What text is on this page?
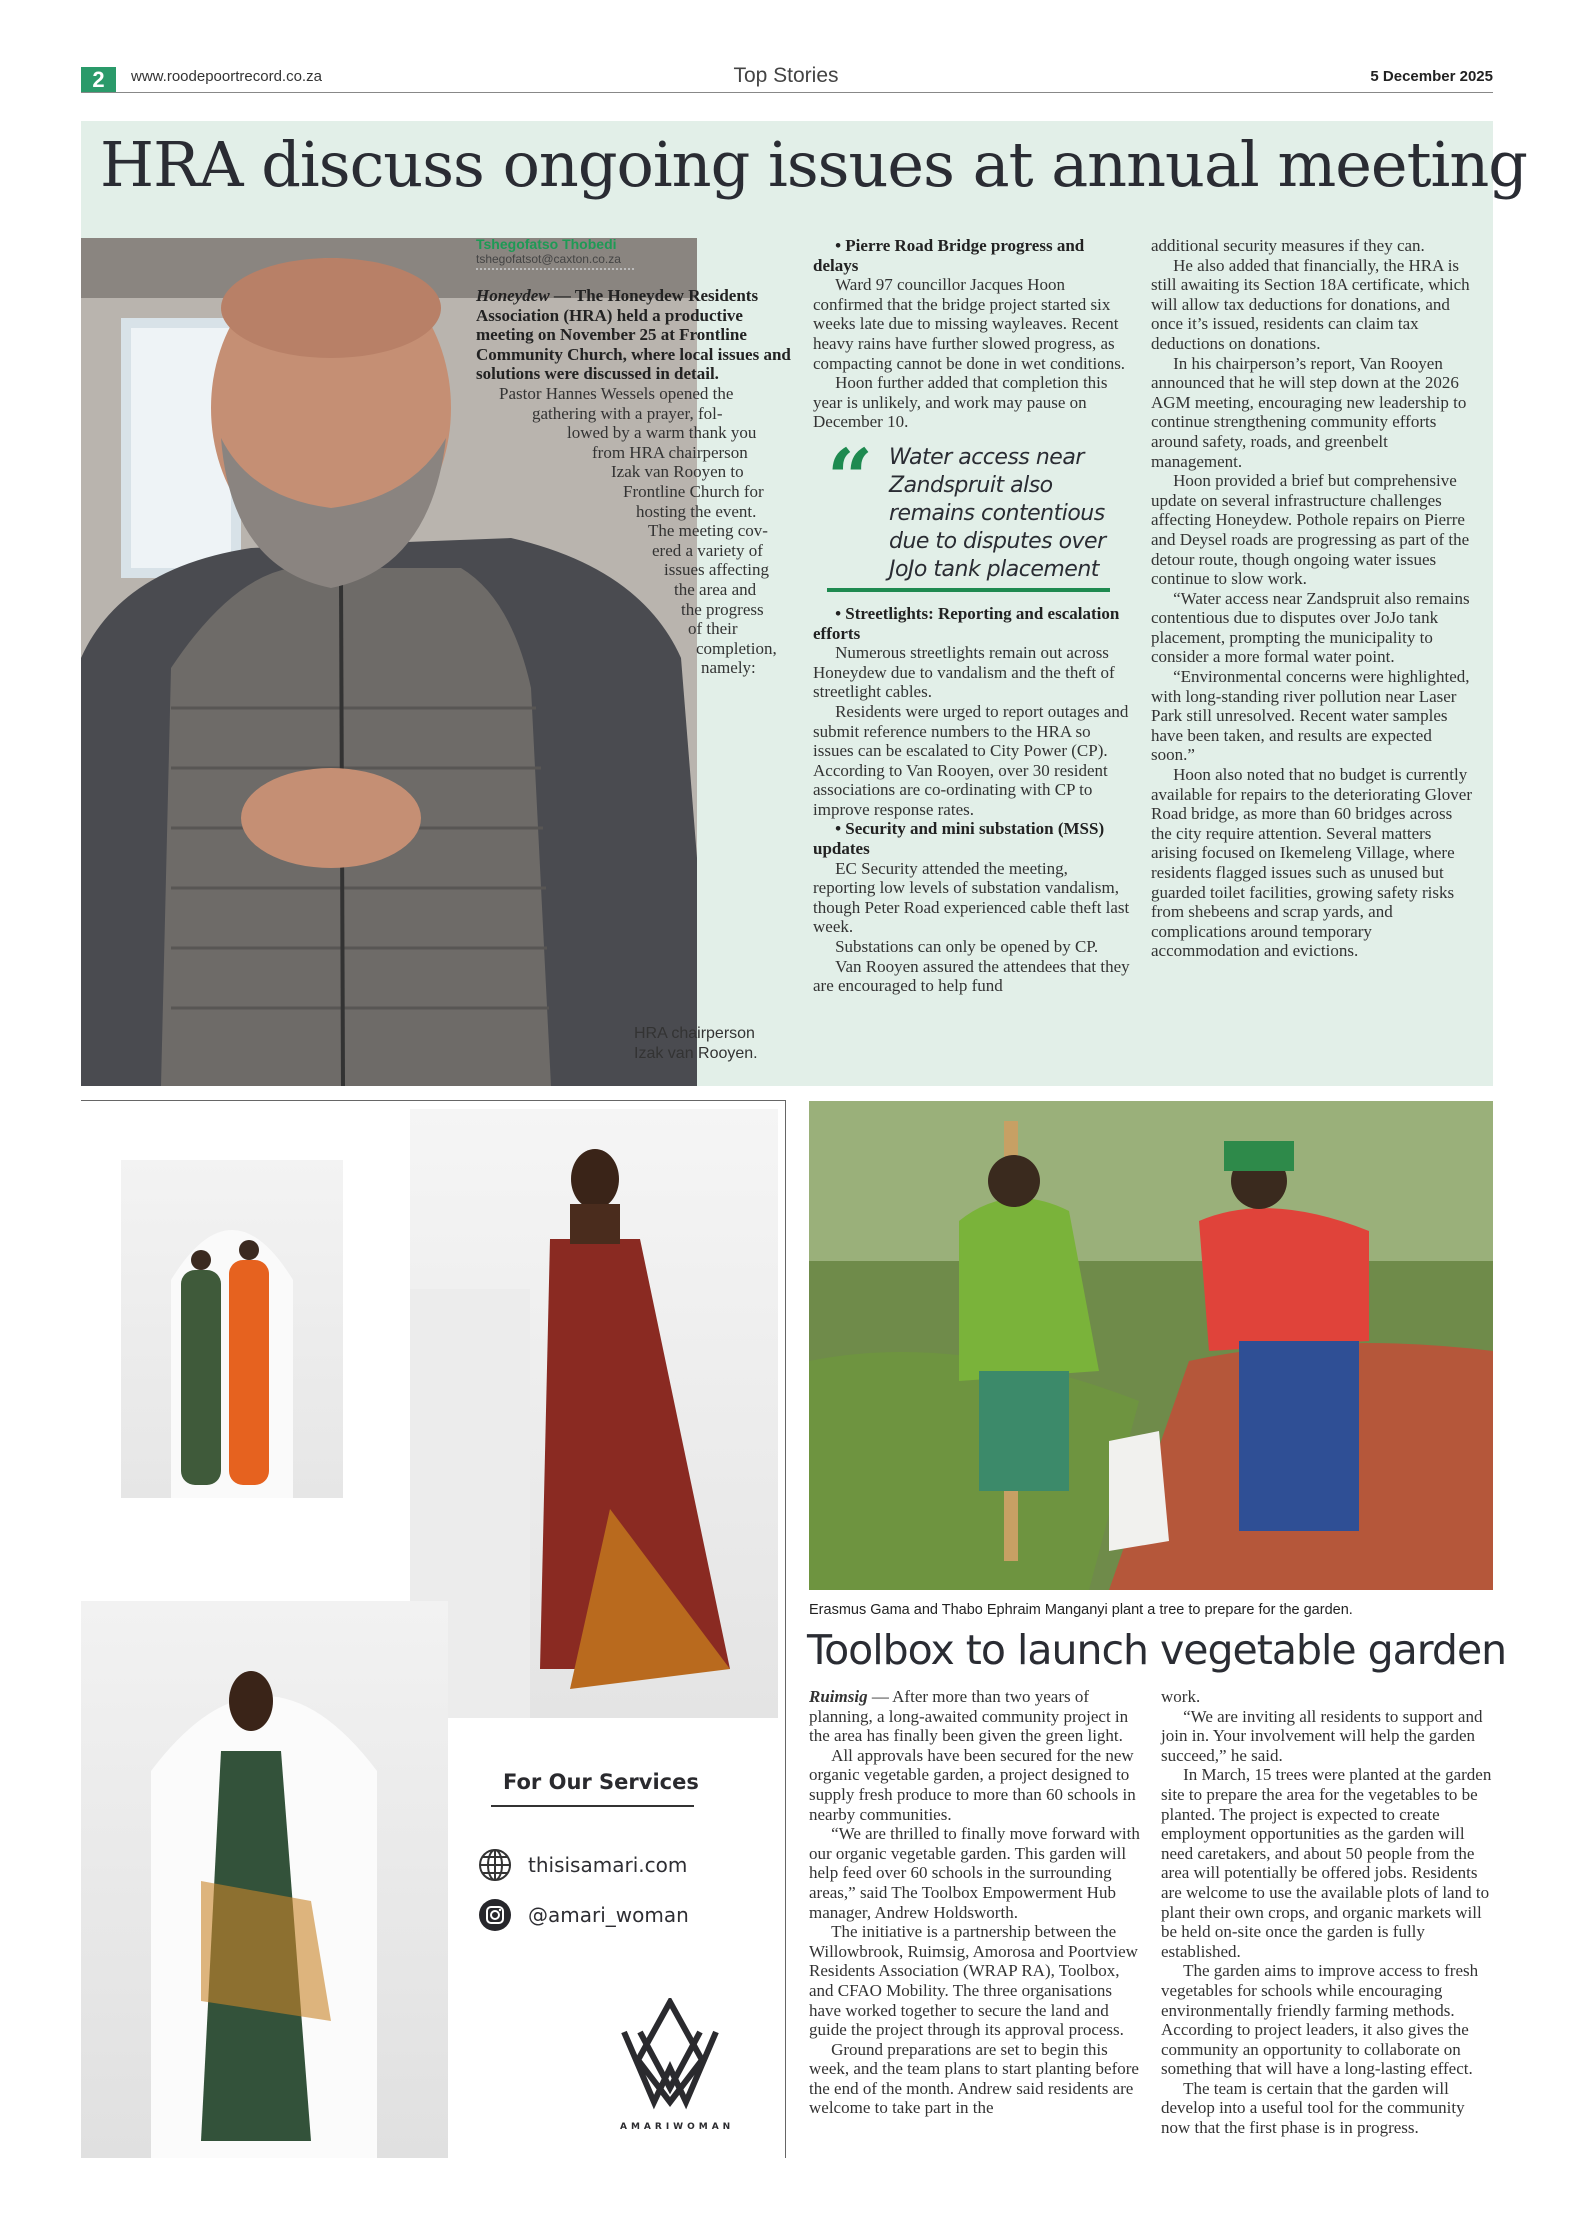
2	www.roodepoortrecord.co.za	Top Stories	5 December 2025
HRA discuss ongoing issues at annual meeting
HRA chairperson
Izak van Rooyen.
Tshegofatso Thobedi
tshegofatsot@caxton.co.za
Honeydew — The Honeydew Residents Association (HRA) held a productive meeting on November 25 at Frontline Community Church, where local issues and solutions were discussed in detail.
Pastor Hannes Wessels opened the
gathering with a prayer, fol-
lowed by a warm thank you
from HRA chairperson
Izak van Rooyen to
Frontline Church for
hosting the event.
The meeting cov-
ered a variety of
issues affecting
the area and
the progress
of their
completion,
namely:
• Pierre Road Bridge progress and delays

Ward 97 councillor Jacques Hoon confirmed that the bridge project started six weeks late due to missing wayleaves. Recent heavy rains have further slowed progress, as compacting cannot be done in wet conditions.

Hoon further added that completion this year is unlikely, and work may pause on December 10.

“ Water access near Zandspruit also remains contentious due to disputes over JoJo tank placement
• Streetlights: Reporting and escalation efforts

Numerous streetlights remain out across Honeydew due to vandalism and the theft of streetlight cables.

Residents were urged to report outages and submit reference numbers to the HRA so issues can be escalated to City Power (CP). According to Van Rooyen, over 30 resident associations are co-ordinating with CP to improve response rates.

• Security and mini substation (MSS) updates

EC Security attended the meeting, reporting low levels of substation vandalism, though Peter Road experienced cable theft last week.

Substations can only be opened by CP.

Van Rooyen assured the attendees that they are encouraged to help fund

additional security measures if they can.

He also added that financially, the HRA is still awaiting its Section 18A certificate, which will allow tax deductions for donations, and once it’s issued, residents can claim tax deductions on donations.

In his chairperson’s report, Van Rooyen announced that he will step down at the 2026 AGM meeting, encouraging new leadership to continue strengthening community efforts around safety, roads, and greenbelt management.

Hoon provided a brief but comprehensive update on several infrastructure challenges affecting Honeydew. Pothole repairs on Pierre and Deysel roads are progressing as part of the detour route, though ongoing water issues continue to slow work.

“Water access near Zandspruit also remains contentious due to disputes over JoJo tank placement, prompting the municipality to consider a more formal water point.

“Environmental concerns were highlighted, with long-standing river pollution near Laser Park still unresolved. Recent water samples have been taken, and results are expected soon.”

Hoon also noted that no budget is currently available for repairs to the deteriorating Glover Road bridge, as more than 60 bridges across the city require attention. Several matters arising focused on Ikemeleng Village, where residents flagged issues such as unused but guarded toilet facilities, growing safety risks from shebeens and scrap yards, and complications around temporary accommodation and evictions.

For Our Services
thisisamari.com
@amari_woman
AMARIWOMAN
Erasmus Gama and Thabo Ephraim Manganyi plant a tree to prepare for the garden.
Toolbox to launch vegetable garden

Ruimsig — After more than two years of planning, a long-awaited community project in the area has finally been given the green light.

All approvals have been secured for the new organic vegetable garden, a project designed to supply fresh produce to more than 60 schools in nearby communities.

“We are thrilled to finally move forward with our organic vegetable garden. This garden will help feed over 60 schools in the surrounding areas,” said The Toolbox Empowerment Hub manager, Andrew Holdsworth.

The initiative is a partnership between the Willowbrook, Ruimsig, Amorosa and Poortview Residents Association (WRAP RA), Toolbox, and CFAO Mobility. The three organisations have worked together to secure the land and guide the project through its approval process.

Ground preparations are set to begin this week, and the team plans to start planting before the end of the month. Andrew said residents are welcome to take part in the

work.

“We are inviting all residents to support and join in. Your involvement will help the garden succeed,” he said.

In March, 15 trees were planted at the garden site to prepare the area for the vegetables to be planted. The project is expected to create employment opportunities as the garden will need caretakers, and about 50 people from the area will potentially be offered jobs. Residents are welcome to use the available plots of land to plant their own crops, and organic markets will be held on-site once the garden is fully established.

The garden aims to improve access to fresh vegetables for schools while encouraging environmentally friendly farming methods. According to project leaders, it also gives the community an opportunity to collaborate on something that will have a long-lasting effect.

The team is certain that the garden will develop into a useful tool for the community now that the first phase is in progress.
